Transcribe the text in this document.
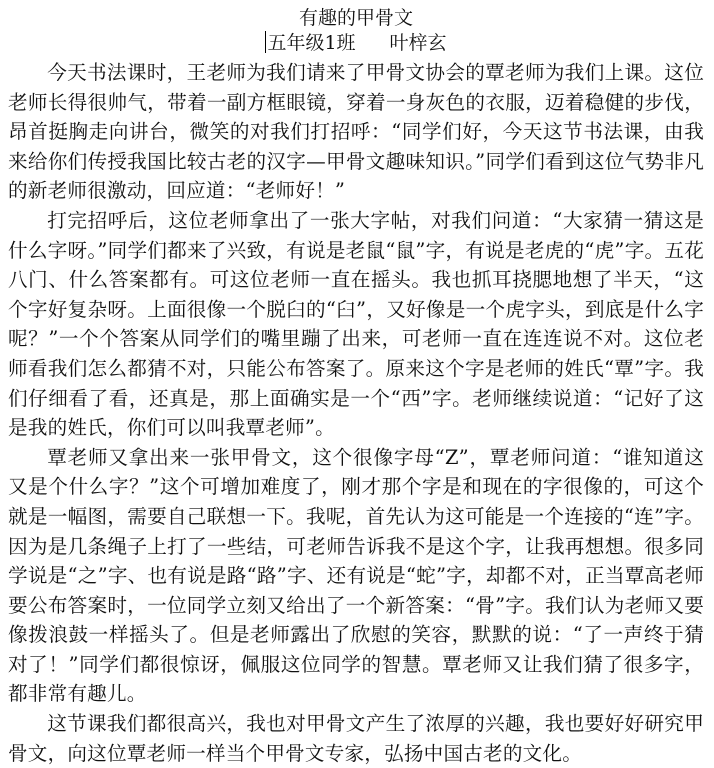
有趣的甲骨文
五年级1班 叶梓玄

今天书法课时，王老师为我们请来了甲骨文协会的覃老师为我们上课。这位老师长得很帅气，带着一副方框眼镜，穿着一身灰色的衣服，迈着稳健的步伐，昂首挺胸走向讲台，微笑的对我们打招呼：“同学们好，今天这节书法课，由我来给你们传授我国比较古老的汉字—甲骨文趣味知识。”同学们看到这位气势非凡的新老师很激动，回应道：“老师好！”

打完招呼后，这位老师拿出了一张大字帖，对我们问道：“大家猜一猜这是什么字呀。”同学们都来了兴致，有说是老鼠“鼠”字，有说是老虎的“虎”字。五花八门、什么答案都有。可这位老师一直在摇头。我也抓耳挠腮地想了半天，“这个字好复杂呀。上面很像一个脱臼的“臼”，又好像是一个虎字头，到底是什么字呢？”一个个答案从同学们的嘴里蹦了出来，可老师一直在连连说不对。这位老师看我们怎么都猜不对，只能公布答案了。原来这个字是老师的姓氏“覃”字。我们仔细看了看，还真是，那上面确实是一个“西”字。老师继续说道：“记好了这是我的姓氏，你们可以叫我覃老师”。

覃老师又拿出来一张甲骨文，这个很像字母“Z”，覃老师问道：“谁知道这又是个什么字？”这个可增加难度了，刚才那个字是和现在的字很像的，可这个就是一幅图，需要自己联想一下。我呢，首先认为这可能是一个连接的“连”字。因为是几条绳子上打了一些结，可老师告诉我不是这个字，让我再想想。很多同学说是“之”字、也有说是路“路”字、还有说是“蛇”字，却都不对，正当覃高老师要公布答案时，一位同学立刻又给出了一个新答案：“骨”字。我们认为老师又要像拨浪鼓一样摇头了。但是老师露出了欣慰的笑容，默默的说：“了一声终于猜对了！”同学们都很惊讶，佩服这位同学的智慧。覃老师又让我们猜了很多字，都非常有趣儿。

这节课我们都很高兴，我也对甲骨文产生了浓厚的兴趣，我也要好好研究甲骨文，向这位覃老师一样当个甲骨文专家，弘扬中国古老的文化。
